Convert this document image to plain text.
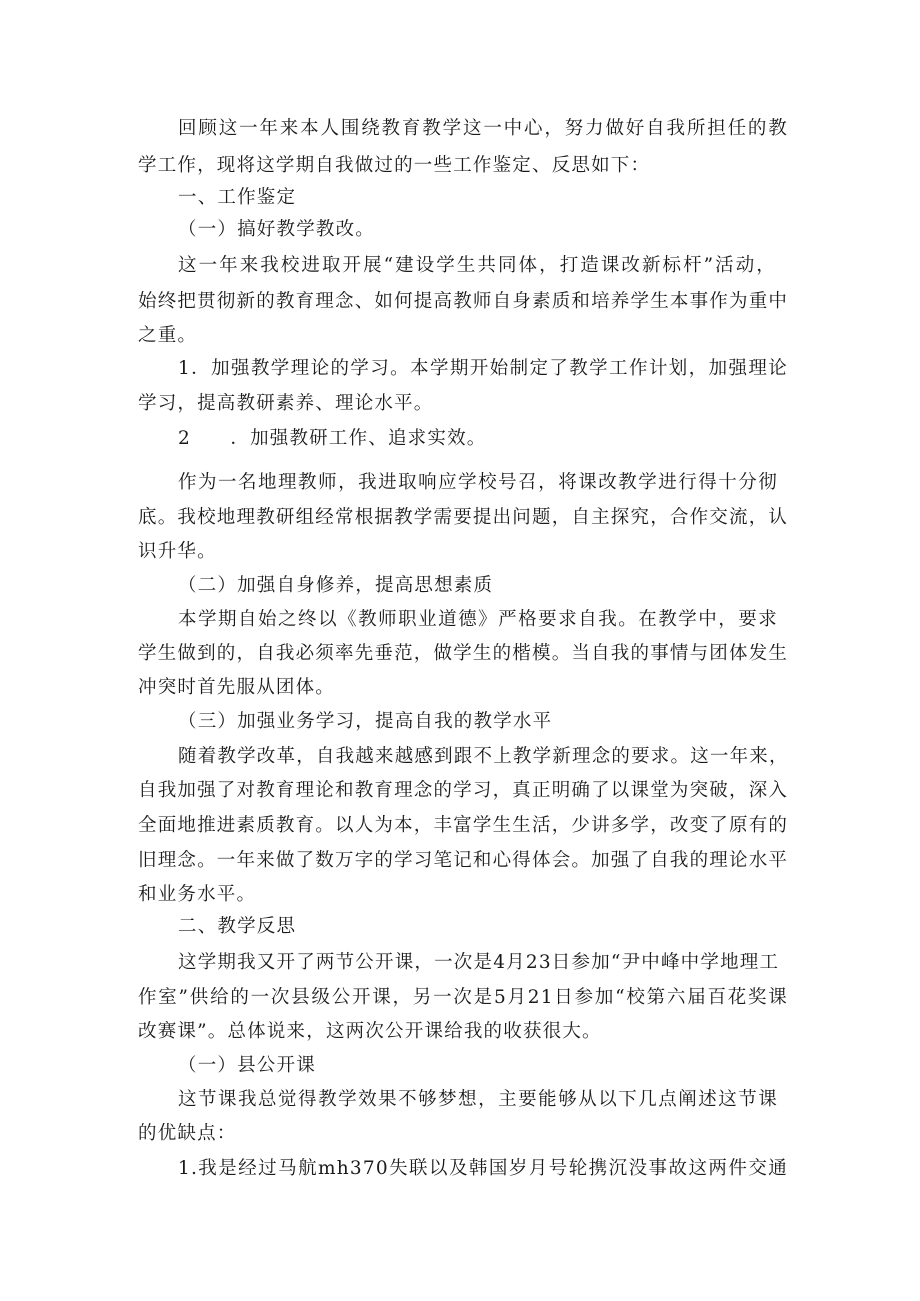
回顾这一年来本人围绕教育教学这一中心，努力做好自我所担任的教
学工作，现将这学期自我做过的一些工作鉴定、反思如下：
一、工作鉴定
（一）搞好教学教改。
这一年来我校进取开展“建设学生共同体，打造课改新标杆”活动，
始终把贯彻新的教育理念、如何提高教师自身素质和培养学生本事作为重中
之重。
1．加强教学理论的学习。本学期开始制定了教学工作计划，加强理论
学习，提高教研素养、理论水平。
2　　．加强教研工作、追求实效。
作为一名地理教师，我进取响应学校号召，将课改教学进行得十分彻
底。我校地理教研组经常根据教学需要提出问题，自主探究，合作交流，认
识升华。
（二）加强自身修养，提高思想素质
本学期自始之终以《教师职业道德》严格要求自我。在教学中，要求
学生做到的，自我必须率先垂范，做学生的楷模。当自我的事情与团体发生
冲突时首先服从团体。
（三）加强业务学习，提高自我的教学水平
随着教学改革，自我越来越感到跟不上教学新理念的要求。这一年来，
自我加强了对教育理论和教育理念的学习，真正明确了以课堂为突破，深入
全面地推进素质教育。以人为本，丰富学生生活，少讲多学，改变了原有的
旧理念。一年来做了数万字的学习笔记和心得体会。加强了自我的理论水平
和业务水平。
二、教学反思
这学期我又开了两节公开课，一次是4月23日参加“尹中峰中学地理工
作室”供给的一次县级公开课，另一次是5月21日参加“校第六届百花奖课
改赛课”。总体说来，这两次公开课给我的收获很大。
（一）县公开课
这节课我总觉得教学效果不够梦想，主要能够从以下几点阐述这节课
的优缺点：
1.我是经过马航mh370失联以及韩国岁月号轮携沉没事故这两件交通
